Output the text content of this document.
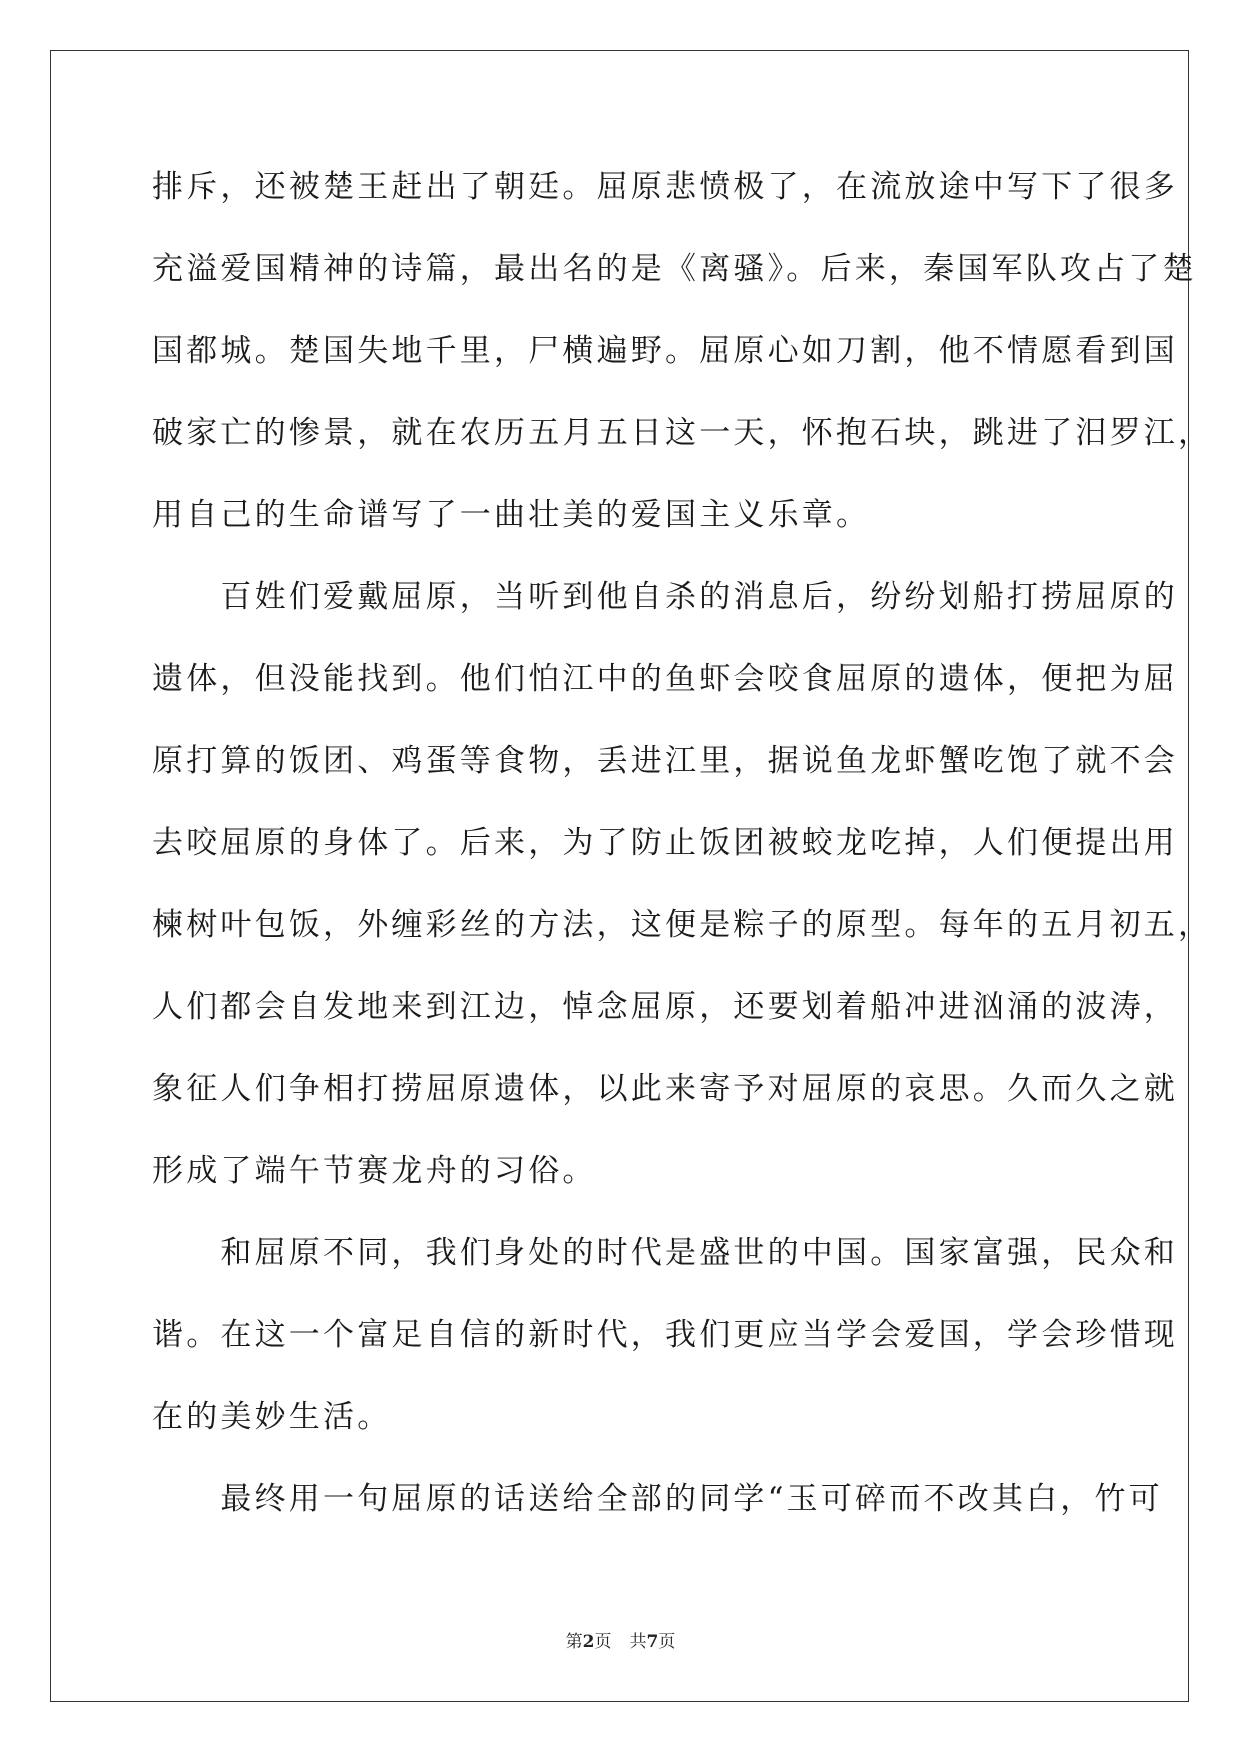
排斥，还被楚王赶出了朝廷。屈原悲愤极了，在流放途中写下了很多
充溢爱国精神的诗篇，最出名的是《离骚》。后来，秦国军队攻占了楚
国都城。楚国失地千里，尸横遍野。屈原心如刀割，他不情愿看到国
破家亡的惨景，就在农历五月五日这一天，怀抱石块，跳进了汨罗江，
用自己的生命谱写了一曲壮美的爱国主义乐章。
　　百姓们爱戴屈原，当听到他自杀的消息后，纷纷划船打捞屈原的
遗体，但没能找到。他们怕江中的鱼虾会咬食屈原的遗体，便把为屈
原打算的饭团、鸡蛋等食物，丢进江里，据说鱼龙虾蟹吃饱了就不会
去咬屈原的身体了。后来，为了防止饭团被蛟龙吃掉，人们便提出用
楝树叶包饭，外缠彩丝的方法，这便是粽子的原型。每年的五月初五，
人们都会自发地来到江边，悼念屈原，还要划着船冲进汹涌的波涛，
象征人们争相打捞屈原遗体，以此来寄予对屈原的哀思。久而久之就
形成了端午节赛龙舟的习俗。
　　和屈原不同，我们身处的时代是盛世的中国。国家富强，民众和
谐。在这一个富足自信的新时代，我们更应当学会爱国，学会珍惜现
在的美妙生活。
　　最终用一句屈原的话送给全部的同学“玉可碎而不改其白，竹可
第2页 共7页
